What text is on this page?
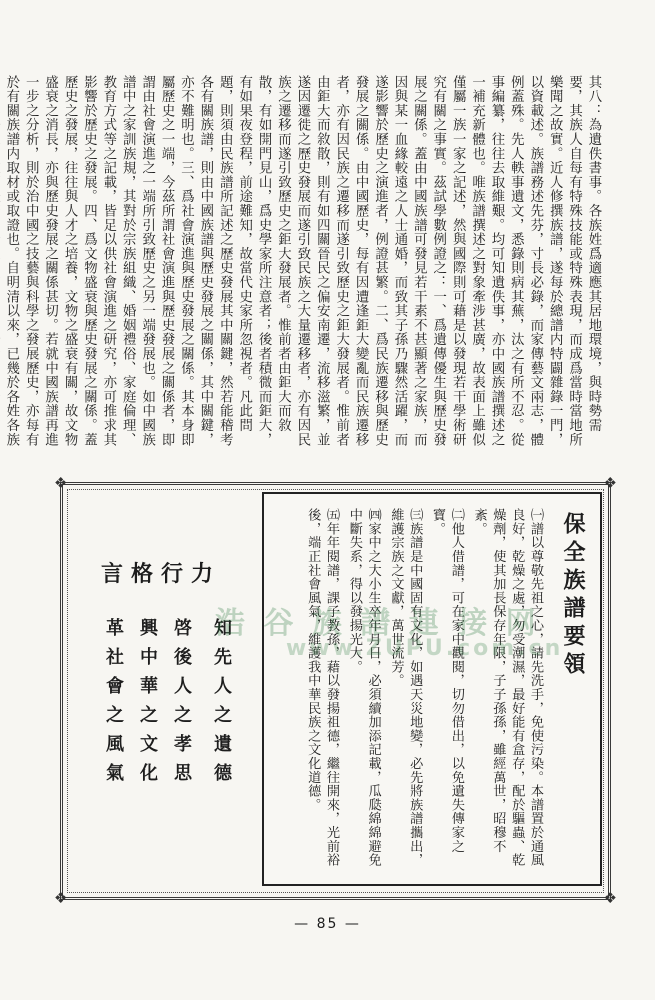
其八：為遺佚書事。各族姓爲適應其居地環境，與時勢需要，其族人自每有特殊技能或特殊表現，而成爲當時當地所樂聞之故實。近人修撰族譜，遂每於總譜内特闢雜錄一門，以資載述。族譜務述先芬，寸長必錄，而家傳藝文兩志，體例蓋殊。先人軼事遺文，悉錄則病其蕪，汰之有所不忍。從事編纂，往往去取維艱。均可知遺佚事，亦中國族譜撰述之一補充新體也。唯族譜撰述之對象牽涉甚廣，故表面上雖似僅屬一族一家之記述，然與國際則可藉是以發現若干學術研究有關之事實。茲試學數例證之：一、爲遺傳優生與歷史發展之關係。蓋由中國族譜可發見若干素不甚顯著之家族，而因與某一血緣較遠之人士通婚，而致其子孫乃驟然活躍，而遂影響於歷史之演進者，例證甚繁。二、爲民族遷移與歷史發展之關係。由中國歷史，每有因遭逢鉅大變亂而民族遷移者，亦有因民族之遷移而遂引致歷史之鉅大發展者。惟前者由鉅大而敘散，則有如四關晉民之偏安南遷，流移滋繁，並遂因遷徙之歷史發展而遂引致民族之大量遷移者，亦有因民族之遷移而遂引致歷史之鉅大發展者。惟前者由鉅大而敘散，有如開門見山，爲史學家所注意者；後者積微而鉅大，有如果夜登程，前途難知，故當代史家所忽視者。凡此問題，則須由民族譜所記述之歷史發展其中關鍵，然若能稽考各有關族譜，則由中國族譜與歷史發展之關係，其中關鍵，亦不難明也。三、爲社會演進與歷史發展之關係。其本身即屬歷史之一端，今茲所謂社會演進與歷史發展之關係者，即謂由社會演進之一端所引致歷史之另一端發展也。如中國族譜中之家訓族規，其對於宗族組織、婚姻禮俗、家庭倫理、教育方式等之記載，皆足以供社會演進之研究，亦可推求其影響於歷史之發展。四、爲文物盛衰與歷史發展之關係。蓋歷史之發展，往往與人才之培養，文物之盛衰有關，故文物盛衰之消長，亦與歷史發展之關係甚切。若就中國族譜再進一步之分析，則於治中國之技藝與科學之發展歷史，亦每有於有關族譜内取材或取證也。自明清以來，已幾於各姓各族

❖	❖
❖	❖
保全族譜要領

㈠譜以尊敬先祖之心，請先洗手，免使污染。本譜置於通風良好，乾燥之處，勿受潮濕，最好能有盒存，配於驅蟲、乾燥劑，使其加長保存年限，子子孫孫，雖經萬世，昭穆不紊。

㈡他人借譜，可在家中觀閱，切勿借出，以免遺失傳家之寶。

㈢族譜是中國固有文化，如遇天災地變，必先將族譜攜出，維護宗族之文獻，萬世流芳。

㈣家中之大小生卒年月日，必須續加添記載，瓜瓞綿綿避免中斷失系，得以發揚光大。

㈤年年閱譜，課子教孫，藉以發揚祖德，繼往開來，光前裕後，端正社會風氣，維護我中華民族之文化道德。

力行格言
知先人之遺德
啓後人之孝思
興中華之文化
革社會之風氣	浩 谷 族 譜 連 接 网
www.ZUPU.com.cn
— 85 —
